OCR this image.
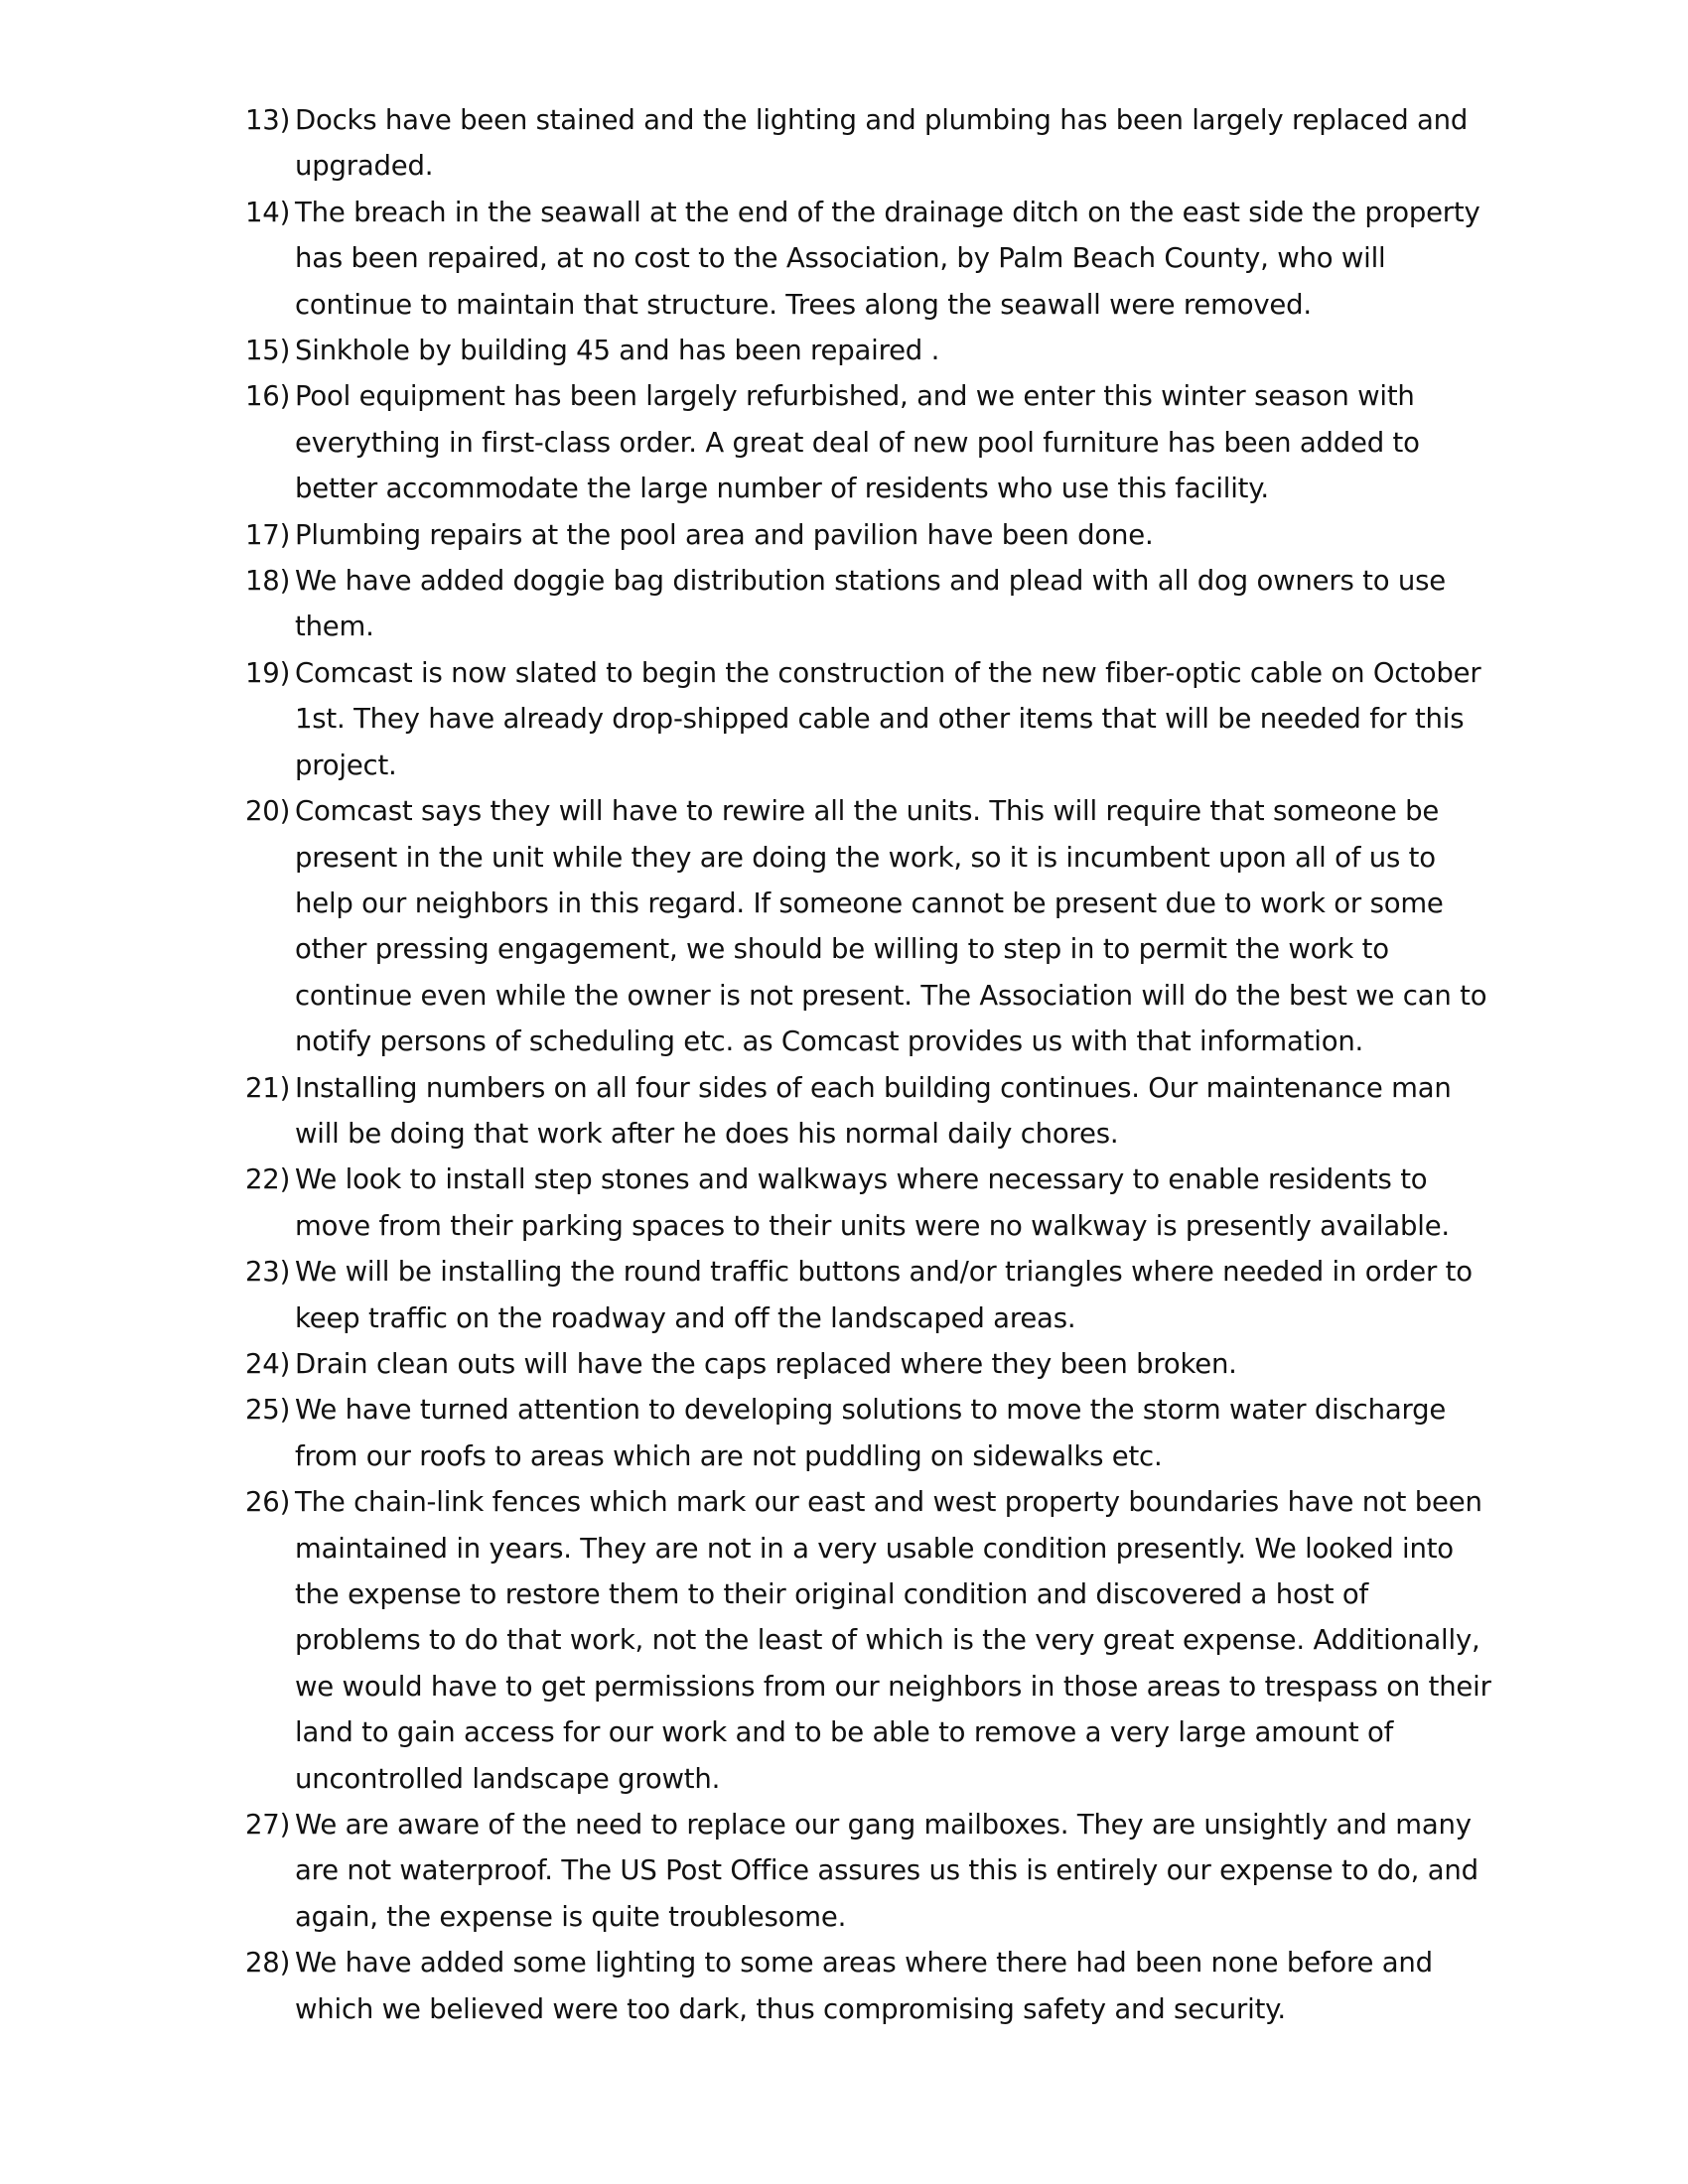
13) Docks have been stained and the lighting and plumbing has been largely replaced and upgraded.
14) The breach in the seawall at the end of the drainage ditch on the east side the property has been repaired, at no cost to the Association, by Palm Beach County, who will continue to maintain that structure. Trees along the seawall were removed.
15) Sinkhole by building 45 and has been repaired .
16) Pool equipment has been largely refurbished, and we enter this winter season with everything in first-class order. A great deal of new pool furniture has been added to better accommodate the large number of residents who use this facility.
17) Plumbing repairs at the pool area and pavilion have been done.
18) We have added doggie bag distribution stations and plead with all dog owners to use them.
19) Comcast is now slated to begin the construction of the new fiber-optic cable on October 1st. They have already drop-shipped cable and other items that will be needed for this project.
20) Comcast says they will have to rewire all the units. This will require that someone be present in the unit while they are doing the work, so it is incumbent upon all of us to help our neighbors in this regard. If someone cannot be present due to work or some other pressing engagement, we should be willing to step in to permit the work to continue even while the owner is not present. The Association will do the best we can to notify persons of scheduling etc. as Comcast provides us with that information.
21) Installing numbers on all four sides of each building continues. Our maintenance man will be doing that work after he does his normal daily chores.
22) We look to install step stones and walkways where necessary to enable residents to move from their parking spaces to their units were no walkway is presently available.
23) We will be installing the round traffic buttons and/or triangles where needed in order to keep traffic on the roadway and off the landscaped areas.
24) Drain clean outs will have the caps replaced where they been broken.
25) We have turned attention to developing solutions to move the storm water discharge from our roofs to areas which are not puddling on sidewalks etc.
26) The chain-link fences which mark our east and west property boundaries have not been maintained in years. They are not in a very usable condition presently. We looked into the expense to restore them to their original condition and discovered a host of problems to do that work, not the least of which is the very great expense. Additionally, we would have to get permissions from our neighbors in those areas to trespass on their land to gain access for our work and to be able to remove a very large amount of uncontrolled landscape growth.
27) We are aware of the need to replace our gang mailboxes. They are unsightly and many are not waterproof. The US Post Office assures us this is entirely our expense to do, and again, the expense is quite troublesome.
28) We have added some lighting to some areas where there had been none before and which we believed were too dark, thus compromising safety and security.
